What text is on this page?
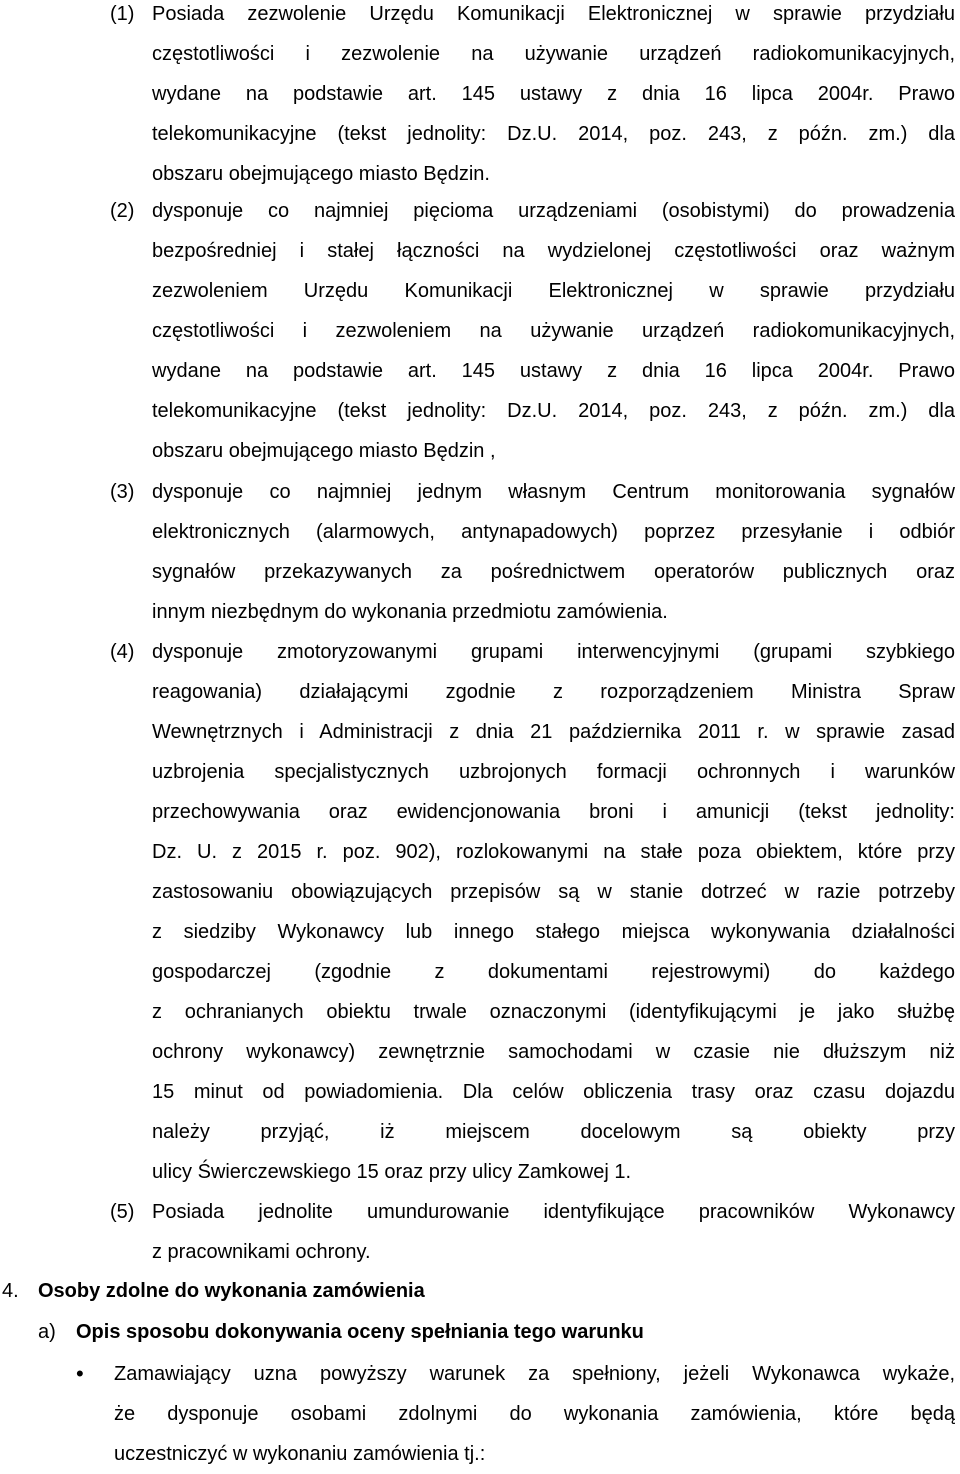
(1) Posiada zezwolenie Urzędu Komunikacji Elektronicznej w sprawie przydziału
częstotliwości i zezwolenie na używanie urządzeń radiokomunikacyjnych,
wydane na podstawie art. 145 ustawy z dnia 16 lipca 2004r. Prawo
telekomunikacyjne (tekst jednolity: Dz.U. 2014, poz. 243, z późn. zm.) dla
obszaru obejmującego miasto Będzin.
(2) dysponuje co najmniej pięcioma urządzeniami (osobistymi) do prowadzenia
bezpośredniej i stałej łączności na wydzielonej częstotliwości oraz ważnym
zezwoleniem Urzędu Komunikacji Elektronicznej w sprawie przydziału
częstotliwości i zezwoleniem na używanie urządzeń radiokomunikacyjnych,
wydane na podstawie art. 145 ustawy z dnia 16 lipca 2004r. Prawo
telekomunikacyjne (tekst jednolity: Dz.U. 2014, poz. 243, z późn. zm.) dla
obszaru obejmującego miasto Będzin ,
(3) dysponuje co najmniej jednym własnym Centrum monitorowania sygnałów
elektronicznych (alarmowych, antynapadowych) poprzez przesyłanie i odbiór
sygnałów przekazywanych za pośrednictwem operatorów publicznych oraz
innym niezbędnym do wykonania przedmiotu zamówienia.
(4) dysponuje zmotoryzowanymi grupami interwencyjnymi (grupami szybkiego
reagowania) działającymi zgodnie z rozporządzeniem Ministra Spraw
Wewnętrznych i Administracji z dnia 21 października 2011 r. w sprawie zasad
uzbrojenia specjalistycznych uzbrojonych formacji ochronnych i warunków
przechowywania oraz ewidencjonowania broni i amunicji (tekst jednolity:
Dz. U. z 2015 r. poz. 902), rozlokowanymi na stałe poza obiektem, które przy
zastosowaniu obowiązujących przepisów są w stanie dotrzeć w razie potrzeby
z siedziby Wykonawcy lub innego stałego miejsca wykonywania działalności
gospodarczej (zgodnie z dokumentami rejestrowymi) do każdego
z ochranianych obiektu trwale oznaczonymi (identyfikującymi je jako służbę
ochrony wykonawcy) zewnętrznie samochodami w czasie nie dłuższym niż
15 minut od powiadomienia. Dla celów obliczenia trasy oraz czasu dojazdu
należy przyjąć, iż miejscem docelowym są obiekty przy
ulicy Świerczewskiego 15 oraz przy ulicy Zamkowej 1.
(5) Posiada jednolite umundurowanie identyfikujące pracowników Wykonawcy
z pracownikami ochrony.
4. Osoby zdolne do wykonania zamówienia
a) Opis sposobu dokonywania oceny spełniania tego warunku
• Zamawiający uzna powyższy warunek za spełniony, jeżeli Wykonawca wykaże,
że dysponuje osobami zdolnymi do wykonania zamówienia, które będą
uczestniczyć w wykonaniu zamówienia tj.:
